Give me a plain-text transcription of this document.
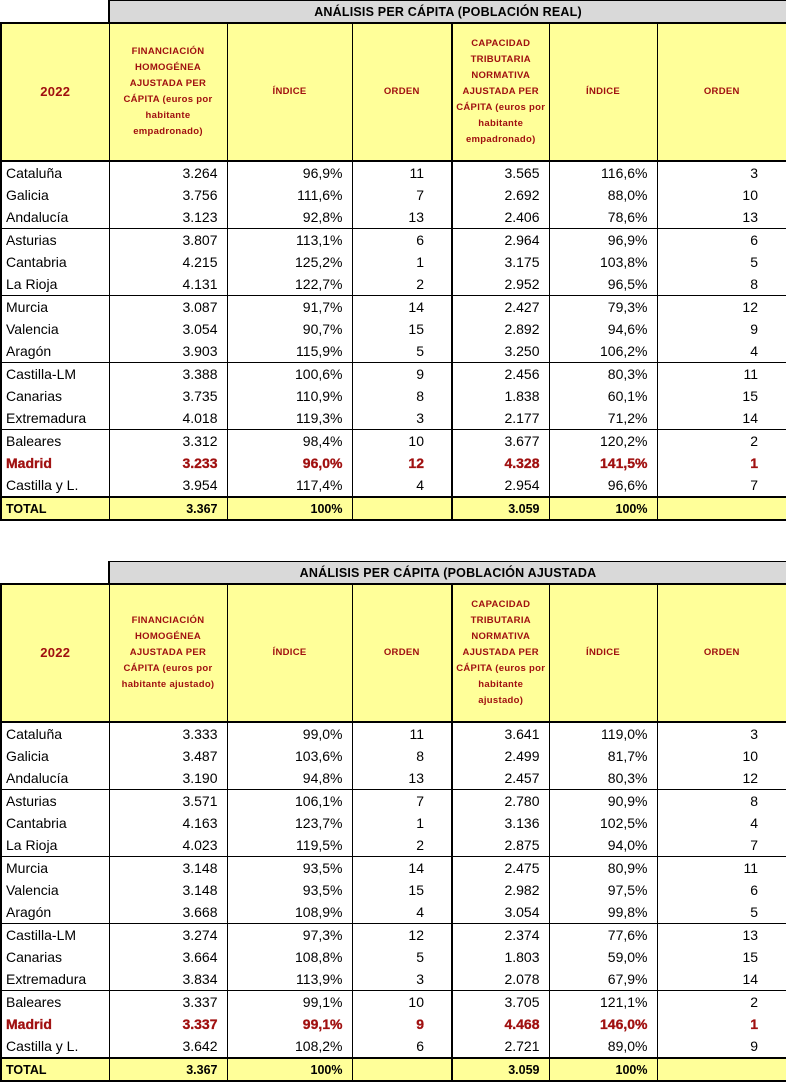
	ANÁLISIS PER CÁPITA (POBLACIÓN REAL)					
2022	FINANCIACIÓN HOMOGÉNEA AJUSTADA PER CÁPITA (euros por habitante empadronado)	ÍNDICE	ORDEN	CAPACIDAD TRIBUTARIA NORMATIVA AJUSTADA PER CÁPITA (euros por habitante empadronado)	ÍNDICE	ORDEN
Cataluña	3.264	96,9%	11	3.565	116,6%	3
Galicia	3.756	111,6%	7	2.692	88,0%	10
Andalucía	3.123	92,8%	13	2.406	78,6%	13
Asturias	3.807	113,1%	6	2.964	96,9%	6
Cantabria	4.215	125,2%	1	3.175	103,8%	5
La Rioja	4.131	122,7%	2	2.952	96,5%	8
Murcia	3.087	91,7%	14	2.427	79,3%	12
Valencia	3.054	90,7%	15	2.892	94,6%	9
Aragón	3.903	115,9%	5	3.250	106,2%	4
Castilla-LM	3.388	100,6%	9	2.456	80,3%	11
Canarias	3.735	110,9%	8	1.838	60,1%	15
Extremadura	4.018	119,3%	3	2.177	71,2%	14
Baleares	3.312	98,4%	10	3.677	120,2%	2
Madrid	3.233	96,0%	12	4.328	141,5%	1
Castilla y L.	3.954	117,4%	4	2.954	96,6%	7
TOTAL	3.367	100%		3.059	100%	
	ANÁLISIS PER CÁPITA (POBLACIÓN AJUSTADA					
2022	FINANCIACIÓN HOMOGÉNEA AJUSTADA PER CÁPITA (euros por habitante ajustado)	ÍNDICE	ORDEN	CAPACIDAD TRIBUTARIA NORMATIVA AJUSTADA PER CÁPITA (euros por habitante ajustado)	ÍNDICE	ORDEN
Cataluña	3.333	99,0%	11	3.641	119,0%	3
Galicia	3.487	103,6%	8	2.499	81,7%	10
Andalucía	3.190	94,8%	13	2.457	80,3%	12
Asturias	3.571	106,1%	7	2.780	90,9%	8
Cantabria	4.163	123,7%	1	3.136	102,5%	4
La Rioja	4.023	119,5%	2	2.875	94,0%	7
Murcia	3.148	93,5%	14	2.475	80,9%	11
Valencia	3.148	93,5%	15	2.982	97,5%	6
Aragón	3.668	108,9%	4	3.054	99,8%	5
Castilla-LM	3.274	97,3%	12	2.374	77,6%	13
Canarias	3.664	108,8%	5	1.803	59,0%	15
Extremadura	3.834	113,9%	3	2.078	67,9%	14
Baleares	3.337	99,1%	10	3.705	121,1%	2
Madrid	3.337	99,1%	9	4.468	146,0%	1
Castilla y L.	3.642	108,2%	6	2.721	89,0%	9
TOTAL	3.367	100%		3.059	100%	
